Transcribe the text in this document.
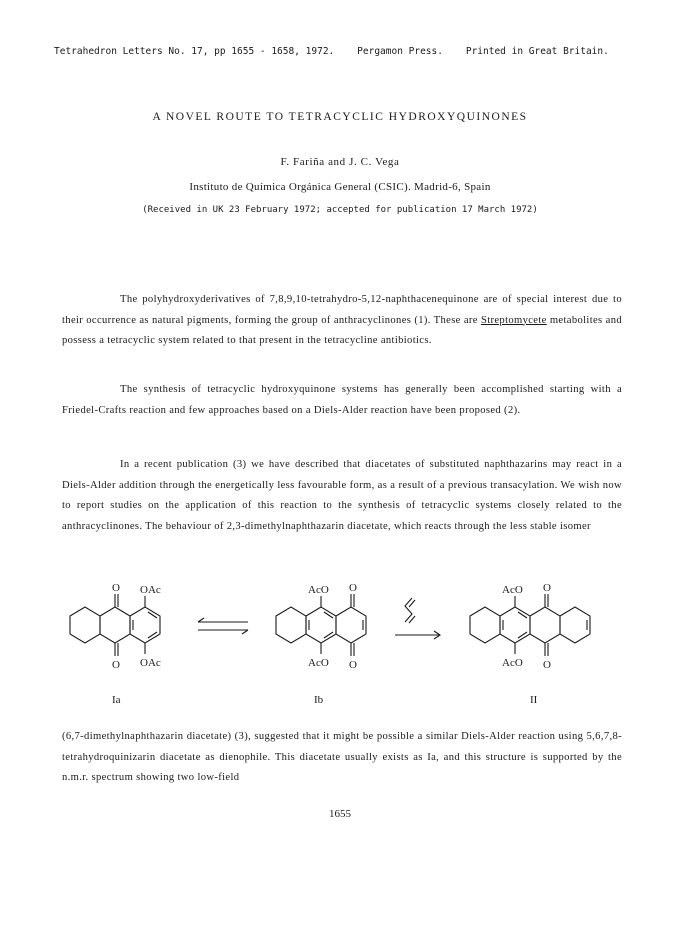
Tetrahedron Letters No. 17, pp 1655 - 1658, 1972. Pergamon Press. Printed in Great Britain.
A NOVEL ROUTE TO TETRACYCLIC HYDROXYQUINONES
F. Fariña and J. C. Vega
Instituto de Química Orgánica General (CSIC). Madrid-6, Spain
(Received in UK 23 February 1972; accepted for publication 17 March 1972)
The polyhydroxyderivatives of 7,8,9,10-tetrahydro-5,12-naphthacenequinone are of special interest due to their occurrence as natural pigments, forming the group of anthracyclinones (1). These are Streptomycete metabolites and possess a tetracyclic system related to that present in the tetracycline antibiotics.
The synthesis of tetracyclic hydroxyquinone systems has generally been accomplished starting with a Friedel-Crafts reaction and few approaches based on a Diels-Alder reaction have been proposed (2).
In a recent publication (3) we have described that diacetates of substituted naphthazarins may react in a Diels-Alder addition through the energetically less favourable form, as a result of a previous transacylation. We wish now to report studies on the application of this reaction to the synthesis of tetracyclic systems closely related to the anthracyclinones. The behaviour of 2,3-dimethylnaphthazarin diacetate, which reacts through the less stable isomer
O OAc
O OAc
Ia
AcO O
AcO O
Ib
AcO O
AcO O
II
(6,7-dimethylnaphthazarin diacetate) (3), suggested that it might be possible a similar Diels-Alder reaction using 5,6,7,8-tetrahydroquinizarin diacetate as dienophile. This diacetate usually exists as Ia, and this structure is supported by the n.m.r. spectrum showing two low-field
1655
